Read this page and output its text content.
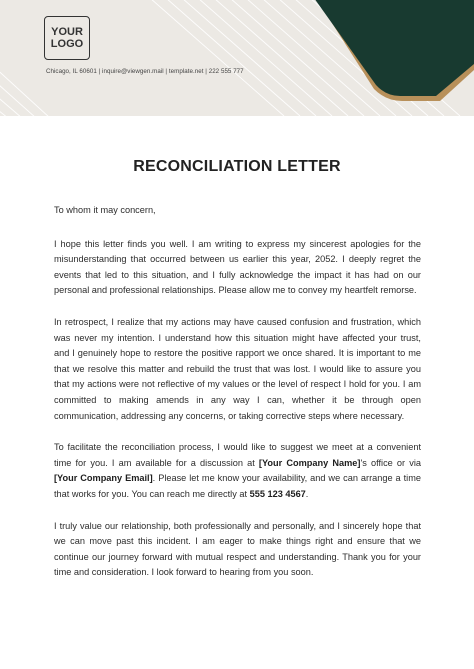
YOUR
LOGO
Chicago, IL 60601 | inquire@viewgen.mail | template.net | 222 555 777
RECONCILIATION LETTER

To whom it may concern,

I hope this letter finds you well. I am writing to express my sincerest apologies for the misunderstanding that occurred between us earlier this year, 2052. I deeply regret the events that led to this situation, and I fully acknowledge the impact it has had on our personal and professional relationships. Please allow me to convey my heartfelt remorse.

In retrospect, I realize that my actions may have caused confusion and frustration, which was never my intention. I understand how this situation might have affected your trust, and I genuinely hope to restore the positive rapport we once shared. It is important to me that we resolve this matter and rebuild the trust that was lost. I would like to assure you that my actions were not reflective of my values or the level of respect I hold for you. I am committed to making amends in any way I can, whether it be through open communication, addressing any concerns, or taking corrective steps where necessary.

To facilitate the reconciliation process, I would like to suggest we meet at a convenient time for you. I am available for a discussion at [Your Company Name]'s office or via [Your Company Email]. Please let me know your availability, and we can arrange a time that works for you. You can reach me directly at 555 123 4567.

I truly value our relationship, both professionally and personally, and I sincerely hope that we can move past this incident. I am eager to make things right and ensure that we continue our journey forward with mutual respect and understanding. Thank you for your time and consideration. I look forward to hearing from you soon.
